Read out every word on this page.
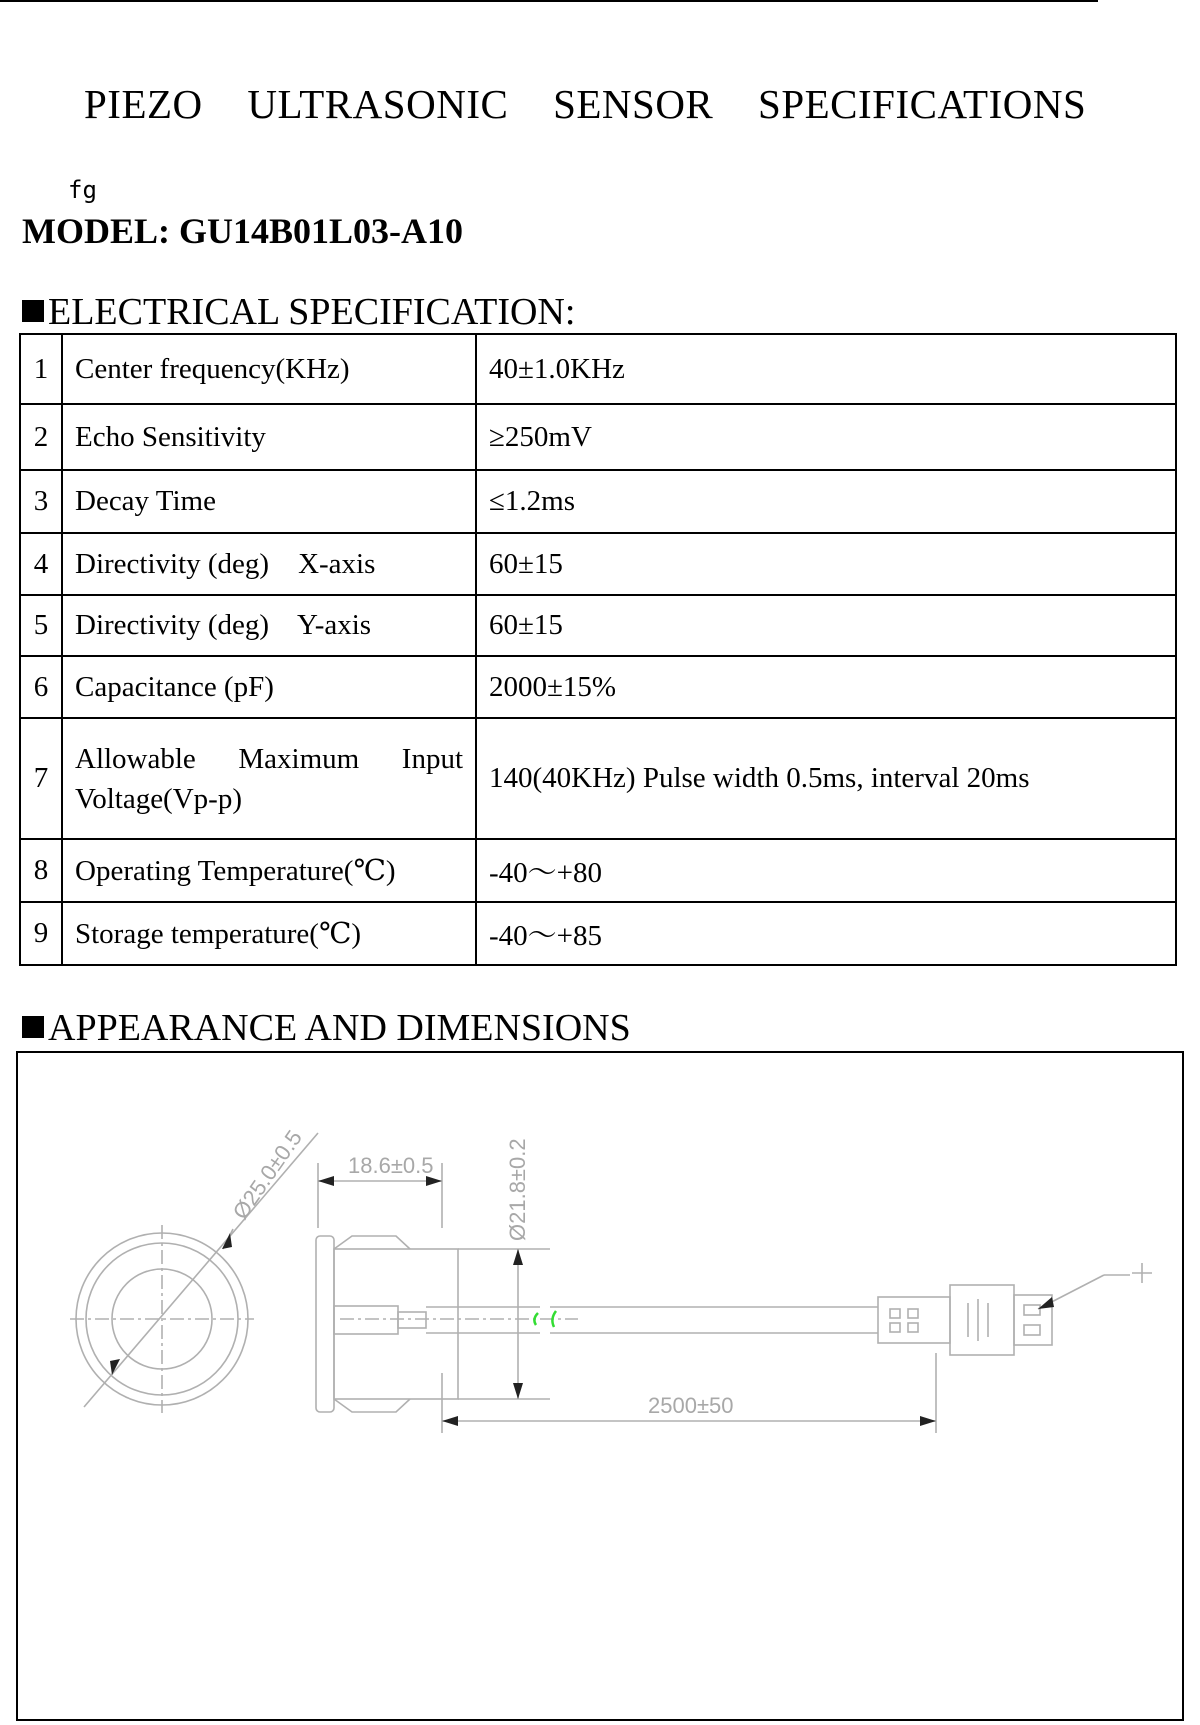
PIEZO ULTRASONIC SENSOR SPECIFICATIONS
fg
MODEL: GU14B01L03-A10
ELECTRICAL SPECIFICATION:
1	Center frequency(KHz)	40±1.0KHz
2	Echo Sensitivity	≥250mV
3	Decay Time	≤1.2ms
4	Directivity (deg)    X-axis	60±15
5	Directivity (deg)    Y-axis	60±15
6	Capacitance (pF)	2000±15%
7	Allowable Maximum Input
Voltage(Vp-p)	140(40KHz) Pulse width 0.5ms, interval 20ms
8	Operating Temperature(℃)	-40～+80
9	Storage temperature(℃)	-40～+85
APPEARANCE AND DIMENSIONS
18.6±0.5
Ø25.0±0.5	Ø21.8±0.2
2500±50
